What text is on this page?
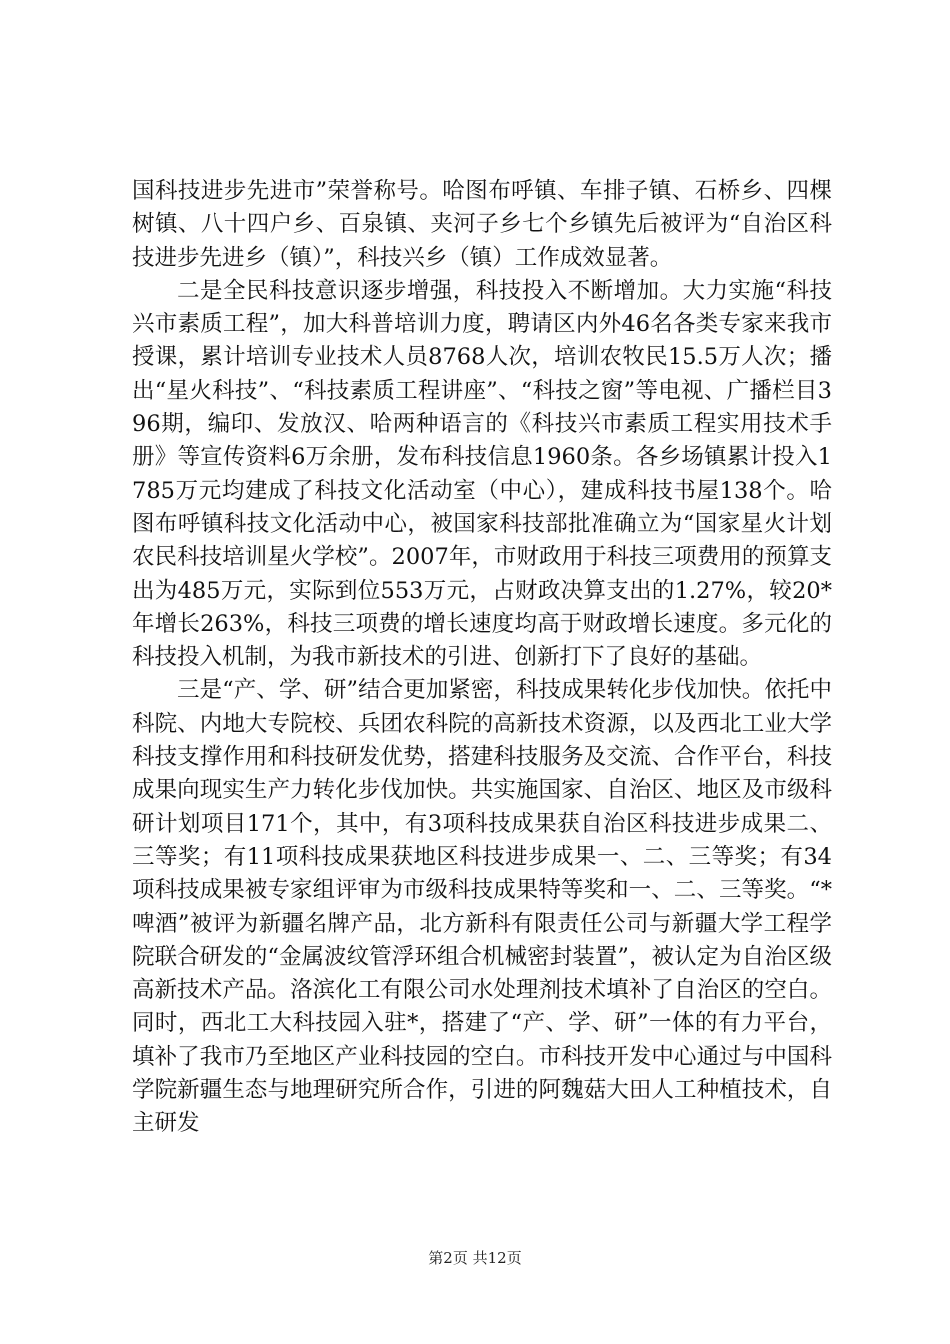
国科技进步先进市”荣誉称号。哈图布呼镇、车排子镇、石桥乡、四棵树镇、八十四户乡、百泉镇、夹河子乡七个乡镇先后被评为“自治区科技进步先进乡（镇）”，科技兴乡（镇）工作成效显著。

二是全民科技意识逐步增强，科技投入不断增加。大力实施“科技兴市素质工程”，加大科普培训力度，聘请区内外46名各类专家来我市授课，累计培训专业技术人员8768人次，培训农牧民15.5万人次；播出“星火科技”、“科技素质工程讲座”、“科技之窗”等电视、广播栏目396期，编印、发放汉、哈两种语言的《科技兴市素质工程实用技术手册》等宣传资料6万余册，发布科技信息1960条。各乡场镇累计投入1785万元均建成了科技文化活动室（中心），建成科技书屋138个。哈图布呼镇科技文化活动中心，被国家科技部批准确立为“国家星火计划农民科技培训星火学校”。2007年，市财政用于科技三项费用的预算支出为485万元，实际到位553万元，占财政决算支出的1.27%，较20*年增长263%，科技三项费的增长速度均高于财政增长速度。多元化的科技投入机制，为我市新技术的引进、创新打下了良好的基础。

三是“产、学、研”结合更加紧密，科技成果转化步伐加快。依托中科院、内地大专院校、兵团农科院的高新技术资源，以及西北工业大学科技支撑作用和科技研发优势，搭建科技服务及交流、合作平台，科技成果向现实生产力转化步伐加快。共实施国家、自治区、地区及市级科研计划项目171个，其中，有3项科技成果获自治区科技进步成果二、三等奖；有11项科技成果获地区科技进步成果一、二、三等奖；有34项科技成果被专家组评审为市级科技成果特等奖和一、二、三等奖。“*啤酒”被评为新疆名牌产品，北方新科有限责任公司与新疆大学工程学院联合研发的“金属波纹管浮环组合机械密封装置”，被认定为自治区级高新技术产品。洛滨化工有限公司水处理剂技术填补了自治区的空白。同时，西北工大科技园入驻*，搭建了“产、学、研”一体的有力平台，填补了我市乃至地区产业科技园的空白。市科技开发中心通过与中国科学院新疆生态与地理研究所合作，引进的阿魏菇大田人工种植技术，自主研发

第2页 共12页
